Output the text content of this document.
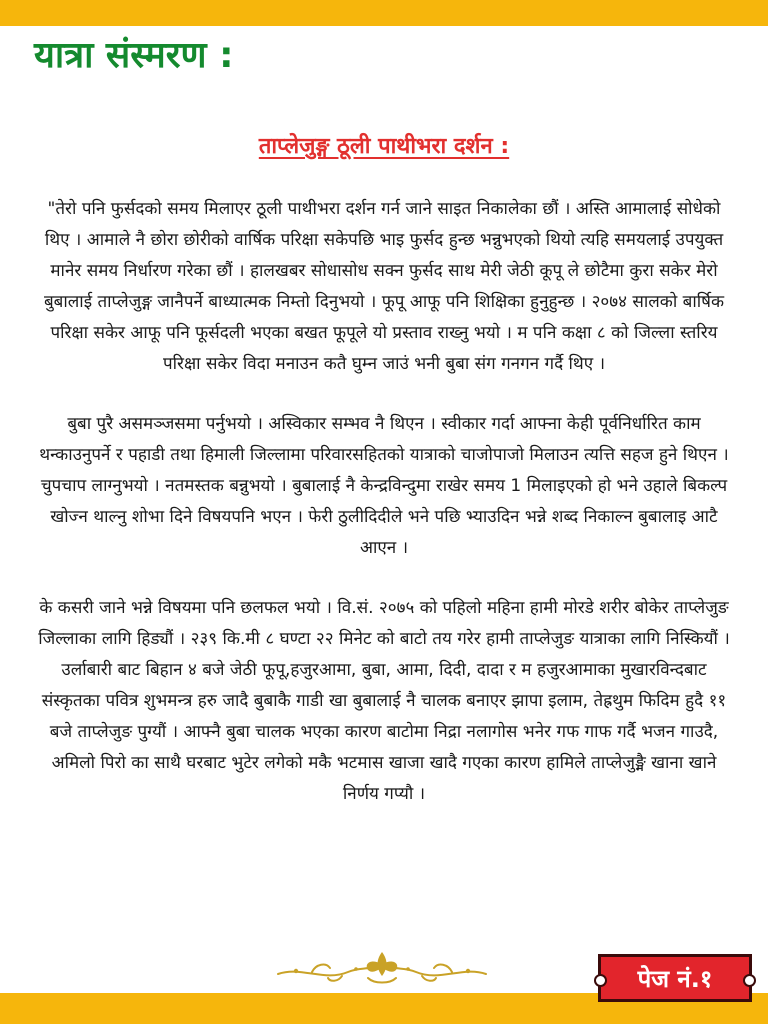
यात्रा संस्मरण :
ताप्लेजुङ्ग ठूली पाथीभरा दर्शन :

"तेरो पनि फुर्सदको समय मिलाएर ठूली पाथीभरा दर्शन गर्न जाने साइत निकालेका छौं । अस्ति आमालाई सोधेको थिए । आमाले नै छोरा छोरीको वार्षिक परिक्षा सकेपछि भाइ फुर्सद हुन्छ भन्नुभएको थियो त्यहि समयलाई उपयुक्त मानेर समय निर्धारण गरेका छौं । हालखबर सोधासोध सक्न फुर्सद साथ मेरी जेठी कूपू ले छोटैमा कुरा सकेर मेरो बुबालाई ताप्लेजुङ्ग जानैपर्ने बाध्यात्मक निम्तो दिनुभयो । फूपू आफू पनि शिक्षिका हुनुहुन्छ । २०७४ सालको बार्षिक परिक्षा सकेर आफू पनि फूर्सदली भएका बखत फूपूले यो प्रस्ताव राख्नु भयो । म पनि कक्षा ८ को जिल्ला स्तरिय परिक्षा सकेर विदा मनाउन कतै घुम्न जाउं भनी बुबा संग गनगन गर्दै थिए ।

बुबा पुरै असमञ्जसमा पर्नुभयो । अस्विकार सम्भव नै थिएन । स्वीकार गर्दा आफ्ना केही पूर्वनिर्धारित काम थन्काउनुपर्ने र पहाडी तथा हिमाली जिल्लामा परिवारसहितको यात्राको चाजोपाजो मिलाउन त्यत्ति सहज हुने थिएन । चुपचाप लाग्नुभयो । नतमस्तक बन्नुभयो । बुबालाई नै केन्द्रविन्दुमा राखेर समय 1 मिलाइएको हो भने उहाले बिकल्प खोज्न थाल्नु शोभा दिने विषयपनि भएन । फेरी ठुलीदिदीले भने पछि भ्याउदिन भन्ने शब्द निकाल्न बुबालाइ आटै आएन ।

के कसरी जाने भन्ने विषयमा पनि छलफल भयो । वि.सं. २०७५ को पहिलो महिना हामी मोरडे शरीर बोकेर ताप्लेजुङ जिल्लाका लागि हिड्यौं । २३९ कि.मी ८ घण्टा २२ मिनेट को बाटो तय गरेर हामी ताप्लेजुङ यात्राका लागि निस्कियौं । उर्लाबारी बाट बिहान ४ बजे जेठी फूपू,हजुरआमा, बुबा, आमा, दिदी, दादा र म हजुरआमाका मुखारविन्दबाट संस्कृतका पवित्र शुभमन्त्र हरु जादै बुबाकै गाडी खा बुबालाई नै चालक बनाएर झापा इलाम, तेह्रथुम फिदिम हुदै ११ बजे ताप्लेजुङ पुग्यौं । आफ्नै बुबा चालक भएका कारण बाटोमा निद्रा नलागोस भनेर गफ गाफ गर्दै भजन गाउदै, अमिलो पिरो का साथै घरबाट भुटेर लगेको मकै भटमास खाजा खादै गएका कारण हामिले ताप्लेजुङ्मै खाना खाने निर्णय गप्यौ ।

पेज नं.१
